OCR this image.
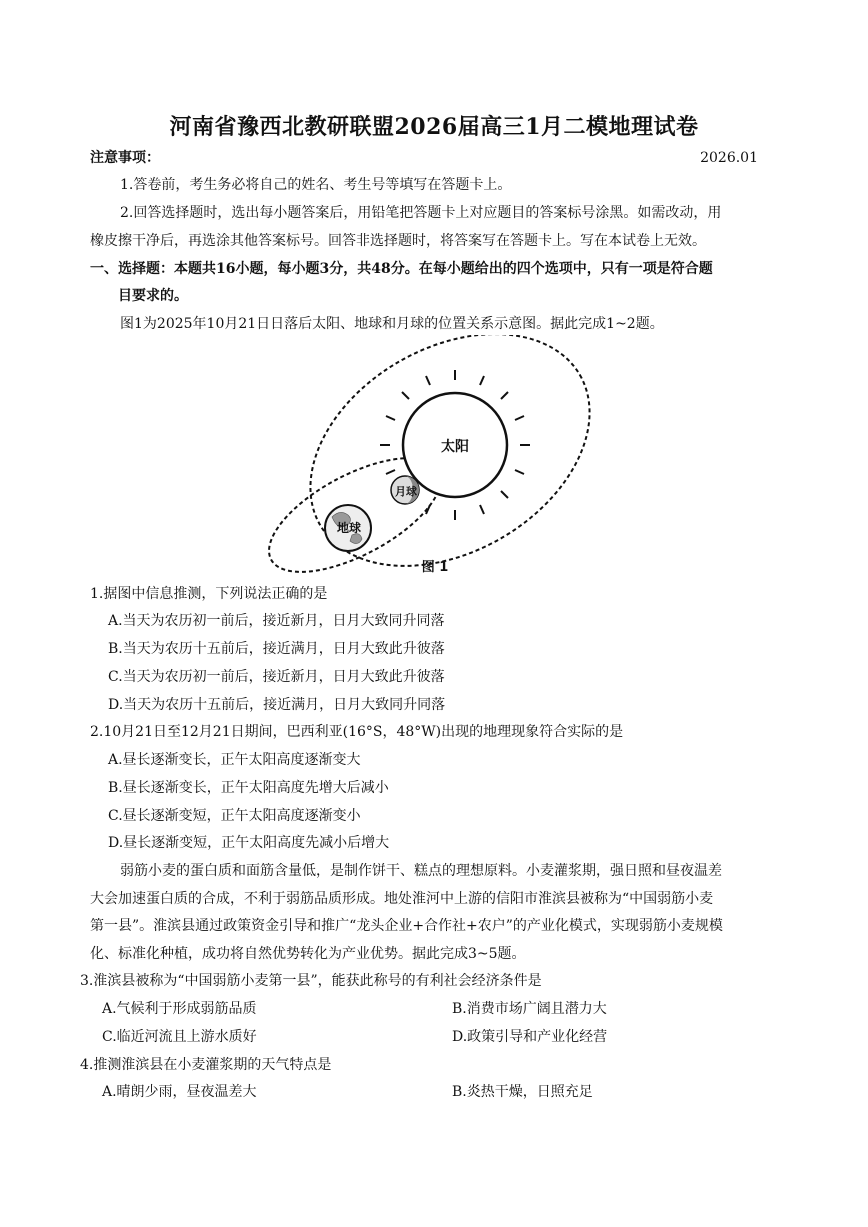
河南省豫西北教研联盟2026届高三1月二模地理试卷
注意事项：	2026.01
1.答卷前，考生务必将自己的姓名、考生号等填写在答题卡上。
2.回答选择题时，选出每小题答案后，用铅笔把答题卡上对应题目的答案标号涂黑。如需改动，用
橡皮擦干净后，再选涂其他答案标号。回答非选择题时，将答案写在答题卡上。写在本试卷上无效。
一、选择题：本题共16小题，每小题3分，共48分。在每小题给出的四个选项中，只有一项是符合题
目要求的。
图1为2025年10月21日日落后太阳、地球和月球的位置关系示意图。据此完成1~2题。
太阳
月球
地球
图 1
1.据图中信息推测，下列说法正确的是
A.当天为农历初一前后，接近新月，日月大致同升同落
B.当天为农历十五前后，接近满月，日月大致此升彼落
C.当天为农历初一前后，接近新月，日月大致此升彼落
D.当天为农历十五前后，接近满月，日月大致同升同落
2.10月21日至12月21日期间，巴西利亚(16°S，48°W)出现的地理现象符合实际的是
A.昼长逐渐变长，正午太阳高度逐渐变大
B.昼长逐渐变长，正午太阳高度先增大后减小
C.昼长逐渐变短，正午太阳高度逐渐变小
D.昼长逐渐变短，正午太阳高度先减小后增大
弱筋小麦的蛋白质和面筋含量低，是制作饼干、糕点的理想原料。小麦灌浆期，强日照和昼夜温差
大会加速蛋白质的合成，不利于弱筋品质形成。地处淮河中上游的信阳市淮滨县被称为“中国弱筋小麦
第一县”。淮滨县通过政策资金引导和推广“龙头企业+合作社+农户”的产业化模式，实现弱筋小麦规模
化、标准化种植，成功将自然优势转化为产业优势。据此完成3~5题。
3.淮滨县被称为“中国弱筋小麦第一县”，能获此称号的有利社会经济条件是
A.气候利于形成弱筋品质	B.消费市场广阔且潜力大
C.临近河流且上游水质好	D.政策引导和产业化经营
4.推测淮滨县在小麦灌浆期的天气特点是
A.晴朗少雨，昼夜温差大	B.炎热干燥，日照充足
